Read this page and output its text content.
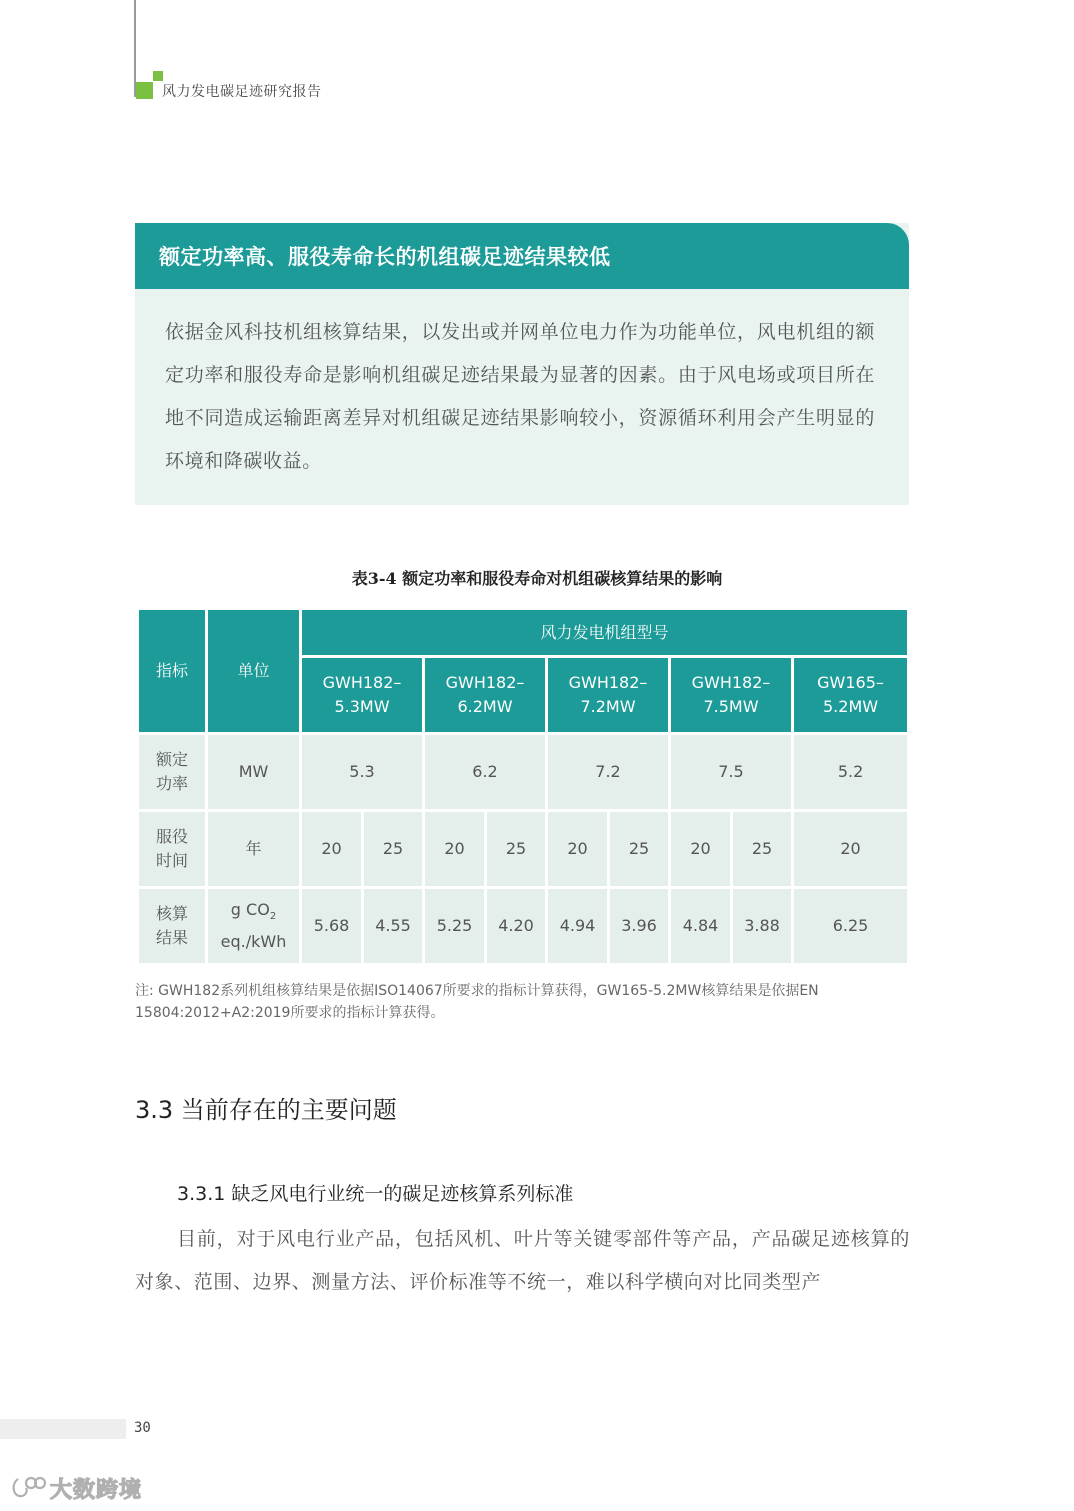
风力发电碳足迹研究报告
额定功率高、服役寿命长的机组碳足迹结果较低
依据金风科技机组核算结果，以发出或并网单位电力作为功能单位，风电机组的额定功率和服役寿命是影响机组碳足迹结果最为显著的因素。由于风电场或项目所在地不同造成运输距离差异对机组碳足迹结果影响较小，资源循环利用会产生明显的环境和降碳收益。
表3-4 额定功率和服役寿命对机组碳核算结果的影响
指标	单位	风力发电机组型号								

		GWH182–5.3MW		GWH182–6.2MW		GWH182–7.2MW		GWH182–7.5MW		GW165–5.2MW

额定功率	MW	5.3		6.2		7.2		7.5		5.2

服役时间	年	20	25	20	25	20	25	20	25	20

核算结果	g $CO_2$
eq./kWh	5.68	4.55	5.25	4.20	4.94	3.96	4.84	3.88	6.25
注: GWH182系列机组核算结果是依据ISO14067所要求的指标计算获得，GW165-5.2MW核算结果是依据EN 15804:2012+A2:2019所要求的指标计算获得。
3.3 当前存在的主要问题
3.3.1 缺乏风电行业统一的碳足迹核算系列标准
目前，对于风电行业产品，包括风机、叶片等关键零部件等产品，产品碳足迹核算的对象、范围、边界、测量方法、评价标准等不统一，难以科学横向对比同类型产
30
大数跨境
